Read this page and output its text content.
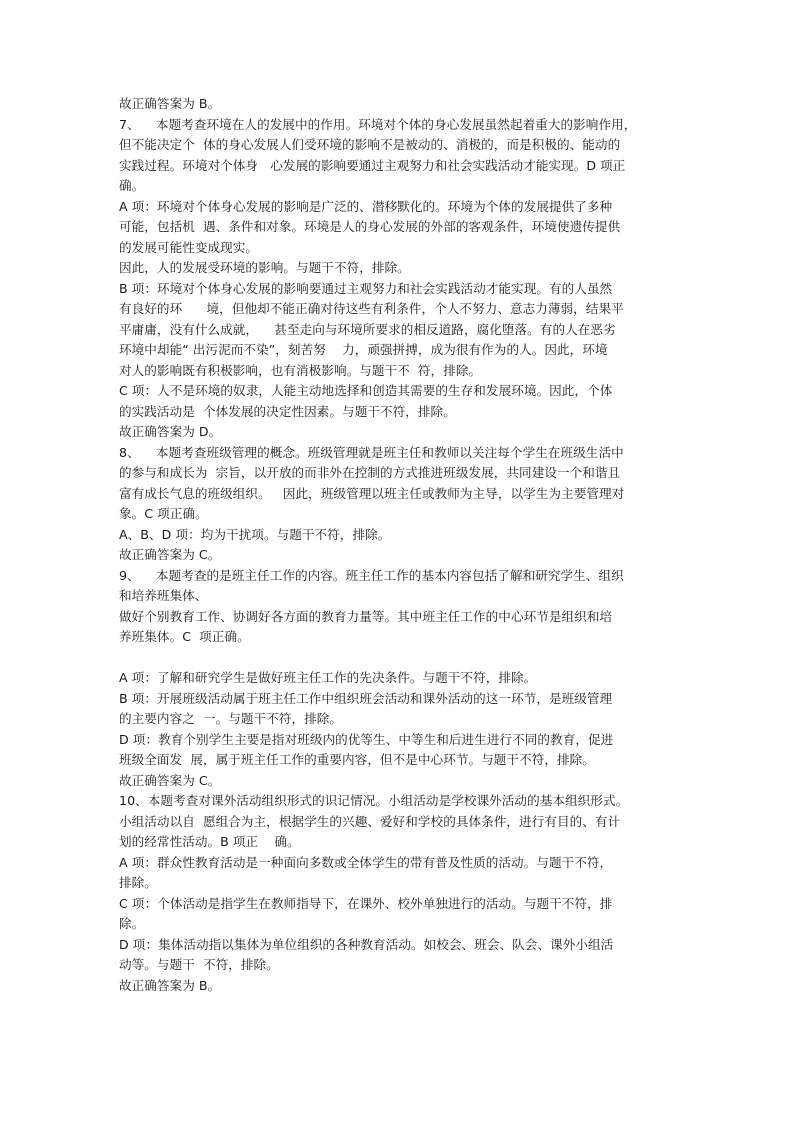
故正确答案为 B。
7、    本题考查环境在人的发展中的作用。环境对个体的身心发展虽然起着重大的影响作用，
但不能决定个  体的身心发展人们受环境的影响不是被动的、消极的，而是积极的、能动的
实践过程。环境对个体身   心发展的影响要通过主观努力和社会实践活动才能实现。D 项正
确。
A 项：环境对个体身心发展的影响是广泛的、潜移默化的。环境为个体的发展提供了多种
可能，包括机  遇、条件和对象。环境是人的身心发展的外部的客观条件，环境使遗传提供
的发展可能性变成现实。
因此，人的发展受环境的影响。与题干不符，排除。
B 项：环境对个体身心发展的影响要通过主观努力和社会实践活动才能实现。有的人虽然
有良好的环      境，但他却不能正确对待这些有利条件，个人不努力、意志力薄弱，结果平
平庸庸，没有什么成就，    甚至走向与环境所要求的相反道路，腐化堕落。有的人在恶劣
环境中却能“ 出污泥而不染”，刻苦努    力，顽强拼搏，成为很有作为的人。因此，环境
对人的影响既有积极影响，也有消极影响。与题干不  符，排除。
C 项：人不是环境的奴隶，人能主动地选择和创造其需要的生存和发展环境。因此，个体
的实践活动是  个体发展的决定性因素。与题干不符，排除。
故正确答案为 D。
8、    本题考查班级管理的概念。班级管理就是班主任和教师以关注每个学生在班级生活中
的参与和成长为  宗旨，以开放的而非外在控制的方式推进班级发展，共同建设一个和谐且
富有成长气息的班级组织。   因此，班级管理以班主任或教师为主导，以学生为主要管理对
象。C 项正确。
A、B、D 项：均为干扰项。与题干不符，排除。
故正确答案为 C。
9、    本题考查的是班主任工作的内容。班主任工作的基本内容包括了解和研究学生、组织
和培养班集体、
做好个别教育工作、协调好各方面的教育力量等。其中班主任工作的中心环节是组织和培
养班集体。C  项正确。
A 项：了解和研究学生是做好班主任工作的先决条件。与题干不符，排除。
B 项：开展班级活动属于班主任工作中组织班会活动和课外活动的这一环节，是班级管理
的主要内容之  一。与题干不符，排除。
D 项：教育个别学生主要是指对班级内的优等生、中等生和后进生进行不同的教育，促进
班级全面发  展，属于班主任工作的重要内容，但不是中心环节。与题干不符，排除。
故正确答案为 C。
10、本题考查对课外活动组织形式的识记情况。小组活动是学校课外活动的基本组织形式。
小组活动以自  愿组合为主，根据学生的兴趣、爱好和学校的具体条件，进行有目的、有计
划的经常性活动。B 项正    确。
A 项：群众性教育活动是一种面向多数或全体学生的带有普及性质的活动。与题干不符，
排除。
C 项：个体活动是指学生在教师指导下，在课外、校外单独进行的活动。与题干不符，排
除。
D 项：集体活动指以集体为单位组织的各种教育活动。如校会、班会、队会、课外小组活
动等。与题干  不符，排除。
故正确答案为 B。
